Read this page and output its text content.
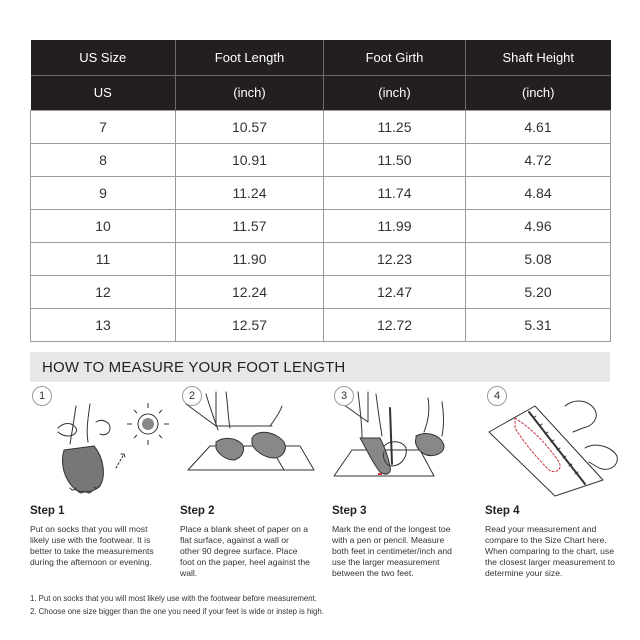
US Size	Foot Length	Foot Girth	Shaft Height
US	(inch)	(inch)	(inch)
7	10.57	11.25	4.61
8	10.91	11.50	4.72
9	11.24	11.74	4.84
10	11.57	11.99	4.96
11	11.90	12.23	5.08
12	12.24	12.47	5.20
13	12.57	12.72	5.31
HOW TO MEASURE YOUR FOOT LENGTH
1
Step 1
Put on socks that you will most likely use with the footwear. It is better to take the measurements during the afternoon or evening.
2
Step 2
Place a blank sheet of paper on a flat surface, against a wall or other 90 degree surface. Place foot on the paper, heel against the wall.
3
Step 3
Mark the end of the longest toe with a pen or pencil. Measure both feet in centimeter/inch and use the larger measurement between the two feet.
4
Step 4
Read your measurement and compare to the Size Chart here. When comparing to the chart, use the closest larger measurement to determine your size.
1. Put on socks that you will most likely use with the footwear before measurement.
2. Choose one size bigger than the one you need if your feet is wide or instep is high.
